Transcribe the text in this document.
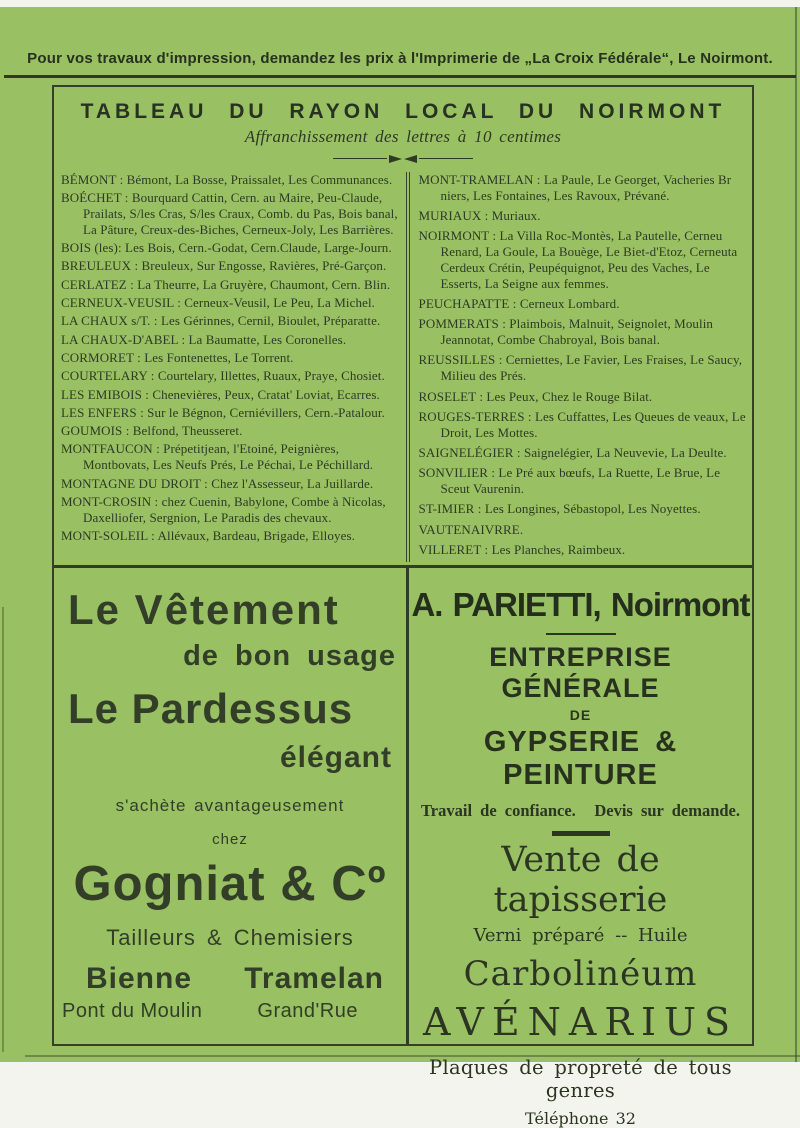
Pour vos travaux d'impression, demandez les prix à l'Imprimerie de „La Croix Fédérale“, Le Noirmont.
TABLEAU DU RAYON LOCAL DU NOIRMONT
Affranchissement des lettres à 10 centimes

BÉMONT : Bémont, La Bosse, Praissalet, Les Communances.

BOÉCHET : Bourquard Cattin, Cern. au Maire, Peu-Claude, Prailats, S/les Cras, S/les Craux, Comb. du Pas, Bois banal, La Pâture, Creux-des-Biches, Cerneux-Joly, Les Barrières.

BOIS (les): Les Bois, Cern.-Godat, Cern.Claude, Large-Journ.

BREULEUX : Breuleux, Sur Engosse, Ravières, Pré-Garçon.

CERLATEZ : La Theurre, La Gruyère, Chaumont, Cern. Blin.

CERNEUX-VEUSIL : Cerneux-Veusil, Le Peu, La Michel.

LA CHAUX s/T. : Les Gérinnes, Cernil, Bioulet, Préparatte.

LA CHAUX-D'ABEL : La Baumatte, Les Coronelles.

CORMORET : Les Fontenettes, Le Torrent.

COURTELARY : Courtelary, Illettes, Ruaux, Praye, Chosiet.

LES EMIBOIS : Chenevières, Peux, Cratat' Loviat, Ecarres.

LES ENFERS : Sur le Bégnon, Cerniévillers, Cern.-Patalour.

GOUMOIS : Belfond, Theusseret.

MONTFAUCON : Prépetitjean, l'Etoiné, Peignières, Montbovats, Les Neufs Prés, Le Péchai, Le Péchillard.

MONTAGNE DU DROIT : Chez l'Assesseur, La Juillarde.

MONT-CROSIN : chez Cuenin, Babylone, Combe à Nicolas, Daxelliofer, Sergnion, Le Paradis des chevaux.

MONT-SOLEIL : Allévaux, Bardeau, Brigade, Elloyes.

MONT-TRAMELAN : La Paule, Le Georget, Vacheries Br niers, Les Fontaines, Les Ravoux, Prévané.

MURIAUX : Muriaux.

NOIRMONT : La Villa Roc-Montès, La Pautelle, Cerneu Renard, La Goule, La Bouège, Le Biet-d'Etoz, Cerneuta Cerdeux Crétin, Peupéquignot, Peu des Vaches, Le Esserts, La Seigne aux femmes.

PEUCHAPATTE : Cerneux Lombard.

POMMERATS : Plaimbois, Malnuit, Seignolet, Moulin Jeannotat, Combe Chabroyal, Bois banal.

REUSSILLES : Cerniettes, Le Favier, Les Fraises, Le Saucy, Milieu des Prés.

ROSELET : Les Peux, Chez le Rouge Bilat.

ROUGES-TERRES : Les Cuffattes, Les Queues de veaux, Le Droit, Les Mottes.

SAIGNELÉGIER : Saignelégier, La Neuvevie, La Deulte.

SONVILIER : Le Pré aux bœufs, La Ruette, Le Brue, Le Sceut Vaurenin.

ST-IMIER : Les Longines, Sébastopol, Les Noyettes.

VAUTENAIVRRE.

VILLERET : Les Planches, Raimbeux.

Le Vêtement
de bon usage
Le Pardessus
élégant
s'achète avantageusement
chez
Gogniat & Cº
Tailleurs & Chemisiers
Bienne Tramelan
Pont du Moulin	Grand'Rue
A. PARIETTI, Noirmont
ENTREPRISE GÉNÉRALE
DE
GYPSERIE & PEINTURE
Travail de confiance. Devis sur demande.
Vente de tapisserie
Verni préparé -- Huile
Carbolinéum
AVÉNARIUS
Plaques de propreté de tous genres
Téléphone 32
